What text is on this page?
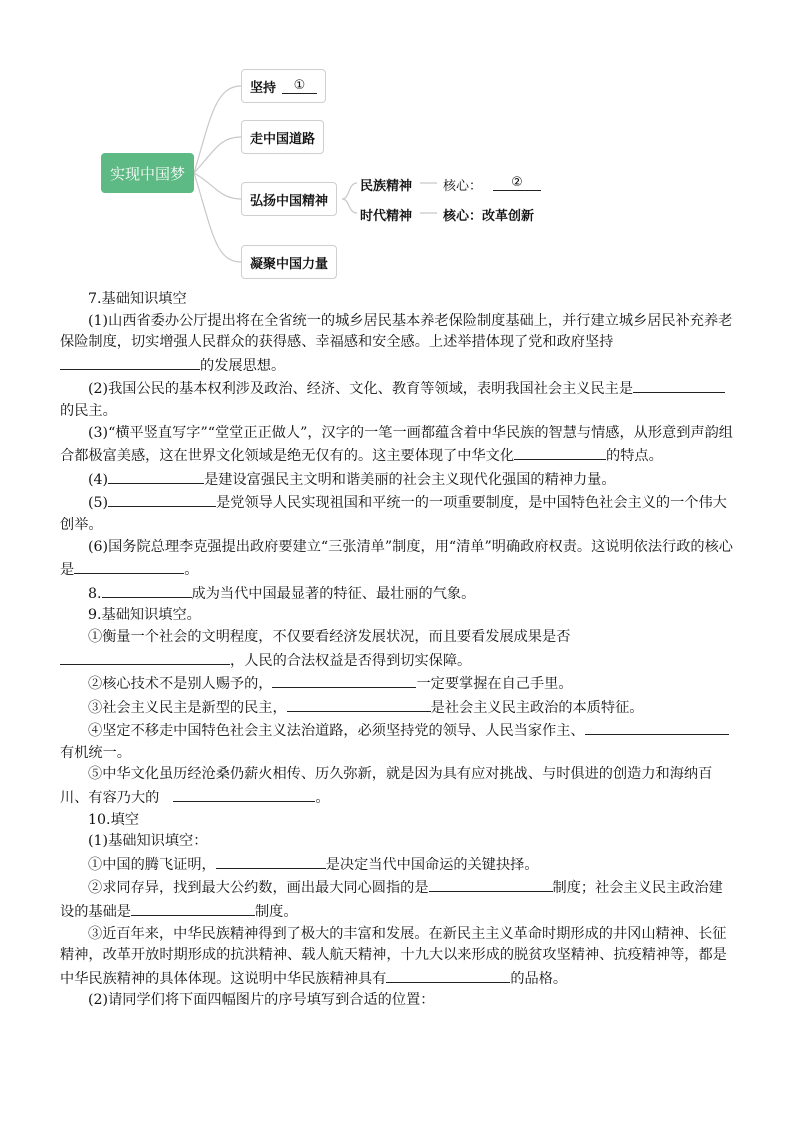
实现中国梦
坚持	①
走中国道路
弘扬中国精神
凝聚中国力量
民族精神 核心：	②
时代精神 核心：改革创新

7.基础知识填空

(1)山西省委办公厅提出将在全省统一的城乡居民基本养老保险制度基础上，并行建立城乡居民补充养老保险制度，切实增强人民群众的获得感、幸福感和安全感。上述举措体现了党和政府坚持的发展思想。

(2)我国公民的基本权利涉及政治、经济、文化、教育等领域，表明我国社会主义民主是的民主。

(3)“横平竖直写字”“堂堂正正做人”，汉字的一笔一画都蕴含着中华民族的智慧与情感，从形意到声韵组合都极富美感，这在世界文化领域是绝无仅有的。这主要体现了中华文化	的特点。

(4)	是建设富强民主文明和谐美丽的社会主义现代化强国的精神力量。

(5)	是党领导人民实现祖国和平统一的一项重要制度，是中国特色社会主义的一个伟大创举。

(6)国务院总理李克强提出政府要建立“三张清单”制度，用“清单”明确政府权责。这说明依法行政的核心是	。

8.	成为当代中国最显著的特征、最壮丽的气象。

9.基础知识填空。

①衡量一个社会的文明程度，不仅要看经济发展状况，而且要看发展成果是否，人民的合法权益是否得到切实保障。

②核心技术不是别人赐予的，	一定要掌握在自己手里。

③社会主义民主是新型的民主，	是社会主义民主政治的本质特征。

④坚定不移走中国特色社会主义法治道路，必须坚持党的领导、人民当家作主、有机统一。

⑤中华文化虽历经沧桑仍薪火相传、历久弥新，就是因为具有应对挑战、与时俱进的创造力和海纳百川、有容乃大的	。

10.填空

(1)基础知识填空：

①中国的腾飞证明，	是决定当代中国命运的关键抉择。

②求同存异，找到最大公约数，画出最大同心圆指的是	制度；社会主义民主政治建设的基础是	制度。

③近百年来，中华民族精神得到了极大的丰富和发展。在新民主主义革命时期形成的井冈山精神、长征精神，改革开放时期形成的抗洪精神、载人航天精神，十九大以来形成的脱贫攻坚精神、抗疫精神等，都是中华民族精神的具体体现。这说明中华民族精神具有	的品格。

(2)请同学们将下面四幅图片的序号填写到合适的位置：
